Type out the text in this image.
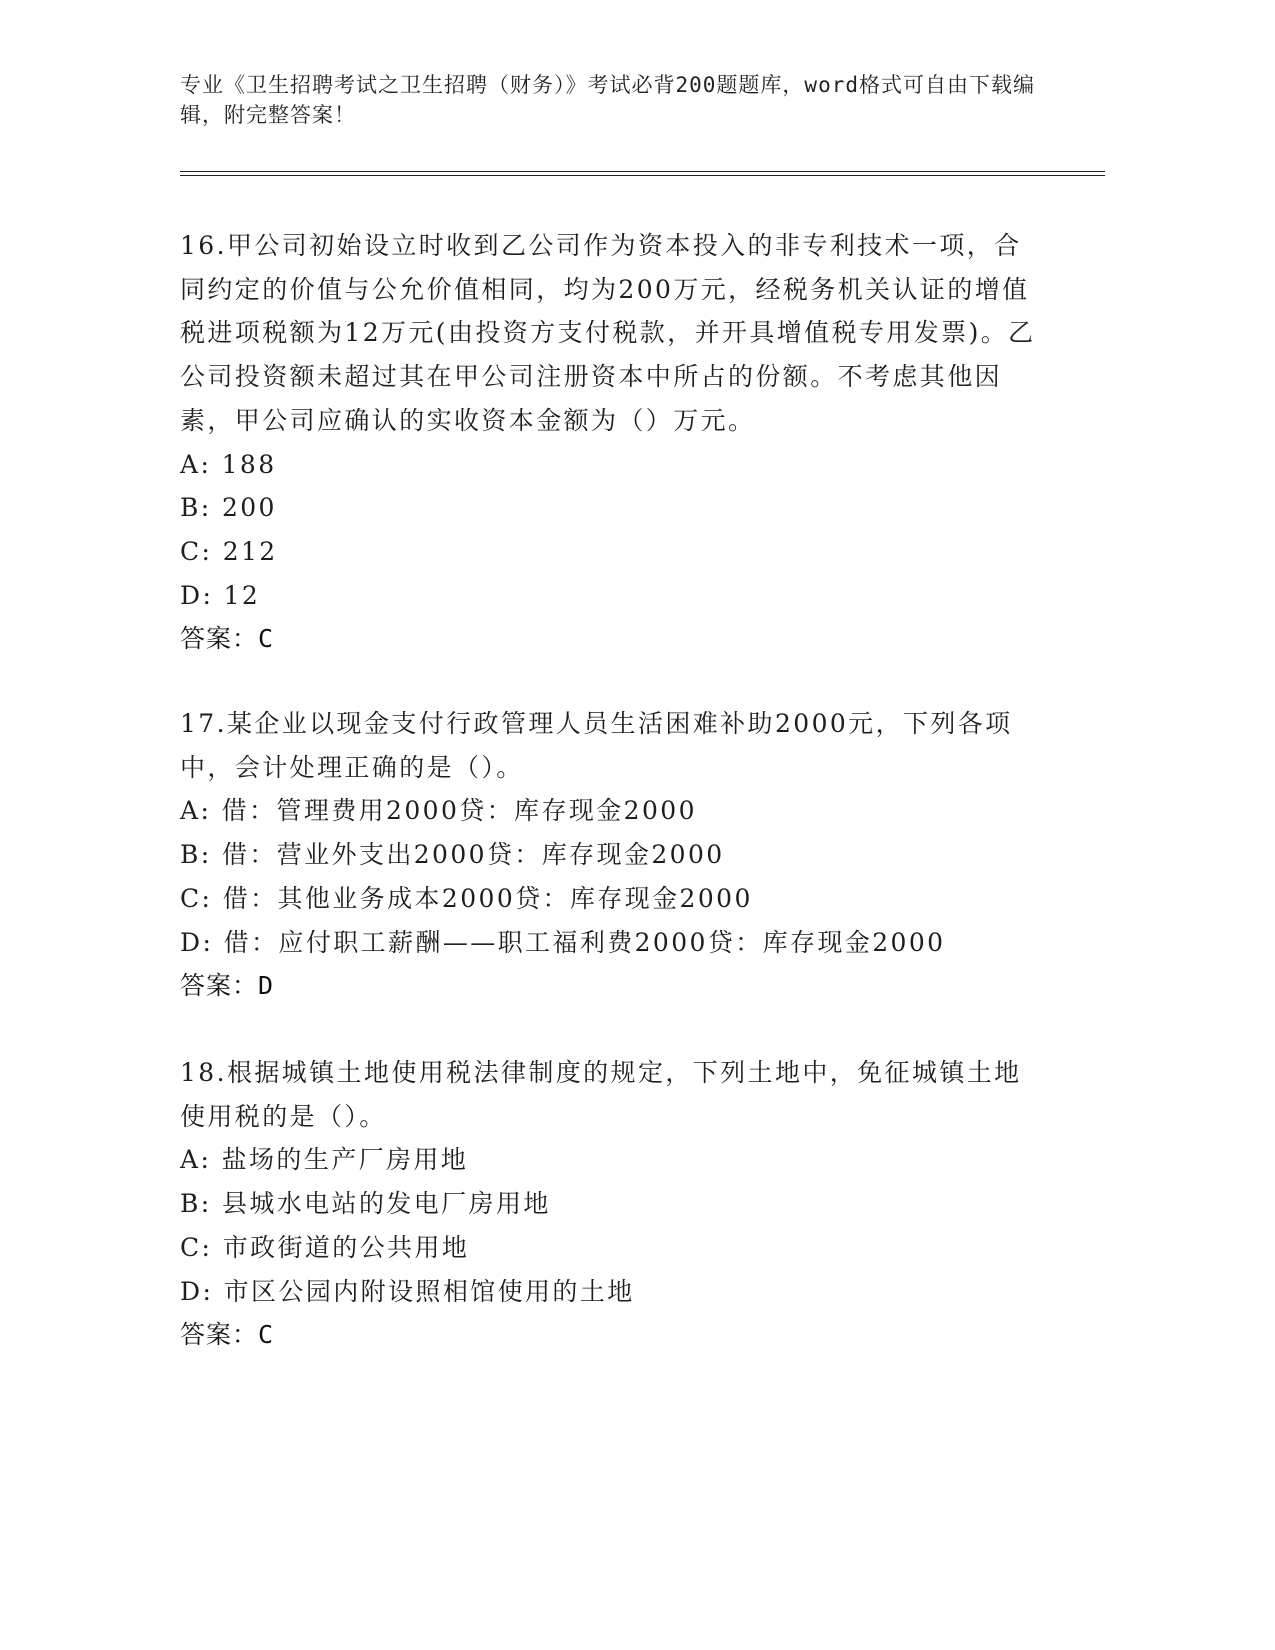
专业《卫生招聘考试之卫生招聘（财务）》考试必背200题题库，word格式可自由下载编辑，附完整答案！

16.甲公司初始设立时收到乙公司作为资本投入的非专利技术一项，合同约定的价值与公允价值相同，均为200万元，经税务机关认证的增值税进项税额为12万元(由投资方支付税款，并开具增值税专用发票)。乙公司投资额未超过其在甲公司注册资本中所占的份额。不考虑其他因素，甲公司应确认的实收资本金额为（）万元。

A: 188

B: 200

C: 212

D: 12

答案：C

17.某企业以现金支付行政管理人员生活困难补助2000元，下列各项中，会计处理正确的是（）。

A: 借：管理费用2000贷：库存现金2000

B: 借：营业外支出2000贷：库存现金2000

C: 借：其他业务成本2000贷：库存现金2000

D: 借：应付职工薪酬——职工福利费2000贷：库存现金2000

答案：D

18.根据城镇土地使用税法律制度的规定，下列土地中，免征城镇土地使用税的是（）。

A: 盐场的生产厂房用地

B: 县城水电站的发电厂房用地

C: 市政街道的公共用地

D: 市区公园内附设照相馆使用的土地

答案：C
